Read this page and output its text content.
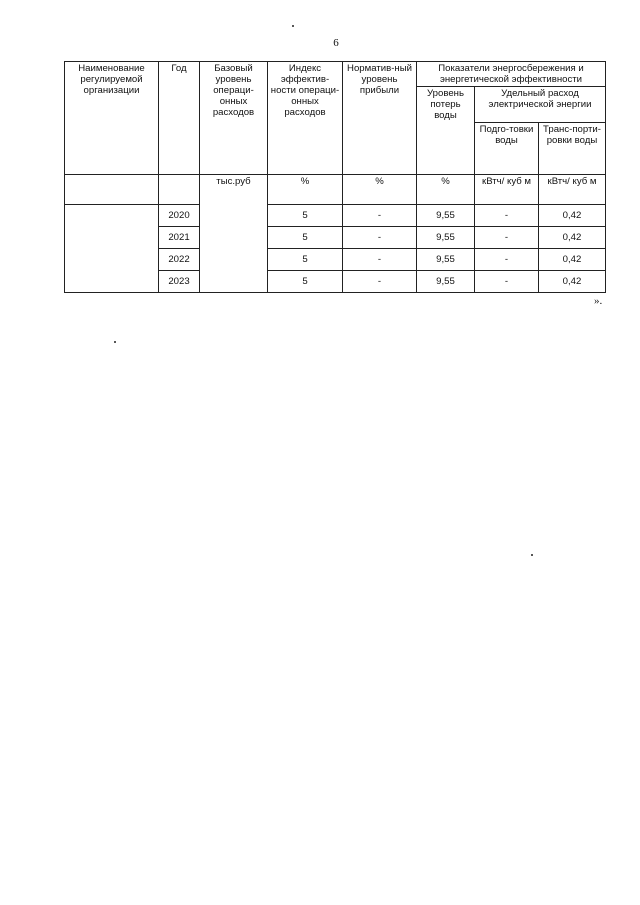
6
Наименование регулируемой организации	Год	Базовый уровень операци-онных расходов	Индекс эффектив-ности операци-онных расходов	Норматив-ный уровень прибыли	Показатели энергосбережения и энергетической эффективности		
					Уровень потерь воды	Удельный расход электрической энергии	
						Подго-товки воды	Транс-порти-ровки воды

		тыс.руб	%	%	%	кВтч/ куб м	кВтч/ куб м
	2020		5	-	9,55	-	0,42
	2021		5	-	9,55	-	0,42
	2022		5	-	9,55	-	0,42
	2023		5	-	9,55	-	0,42
».
